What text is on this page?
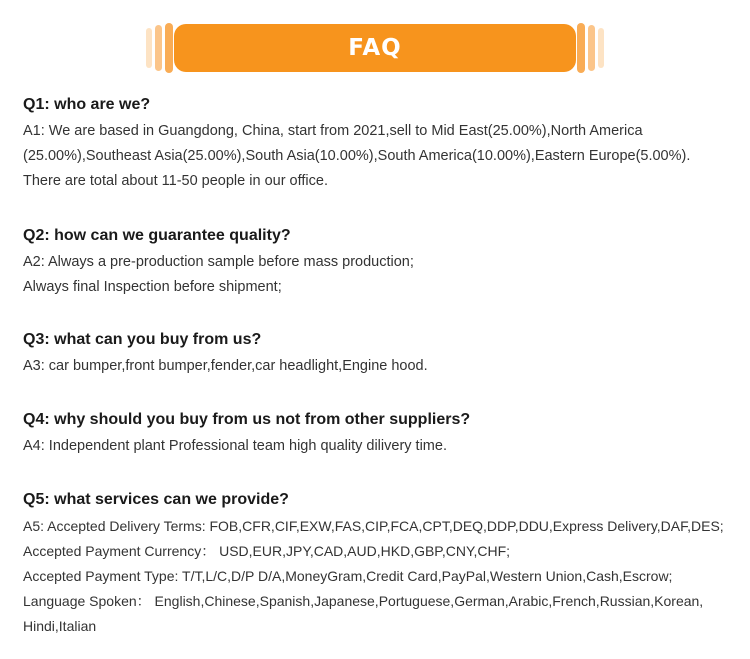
FAQ
Q1: who are we?
A1: We are based in Guangdong, China, start from 2021,sell to Mid East(25.00%),North America
(25.00%),Southeast Asia(25.00%),South Asia(10.00%),South America(10.00%),Eastern Europe(5.00%).
There are total about 11-50 people in our office.
Q2: how can we guarantee quality?
A2: Always a pre-production sample before mass production;
Always final Inspection before shipment;
Q3: what can you buy from us?
A3: car bumper,front bumper,fender,car headlight,Engine hood.
Q4: why should you buy from us not from other suppliers?
A4: Independent plant Professional team high quality dilivery time.
Q5: what services can we provide?
A5: Accepted Delivery Terms: FOB,CFR,CIF,EXW,FAS,CIP,FCA,CPT,DEQ,DDP,DDU,Express Delivery,DAF,DES;
Accepted Payment Currency： USD,EUR,JPY,CAD,AUD,HKD,GBP,CNY,CHF;
Accepted Payment Type: T/T,L/C,D/P D/A,MoneyGram,Credit Card,PayPal,Western Union,Cash,Escrow;
Language Spoken： English,Chinese,Spanish,Japanese,Portuguese,German,Arabic,French,Russian,Korean,
Hindi,Italian
